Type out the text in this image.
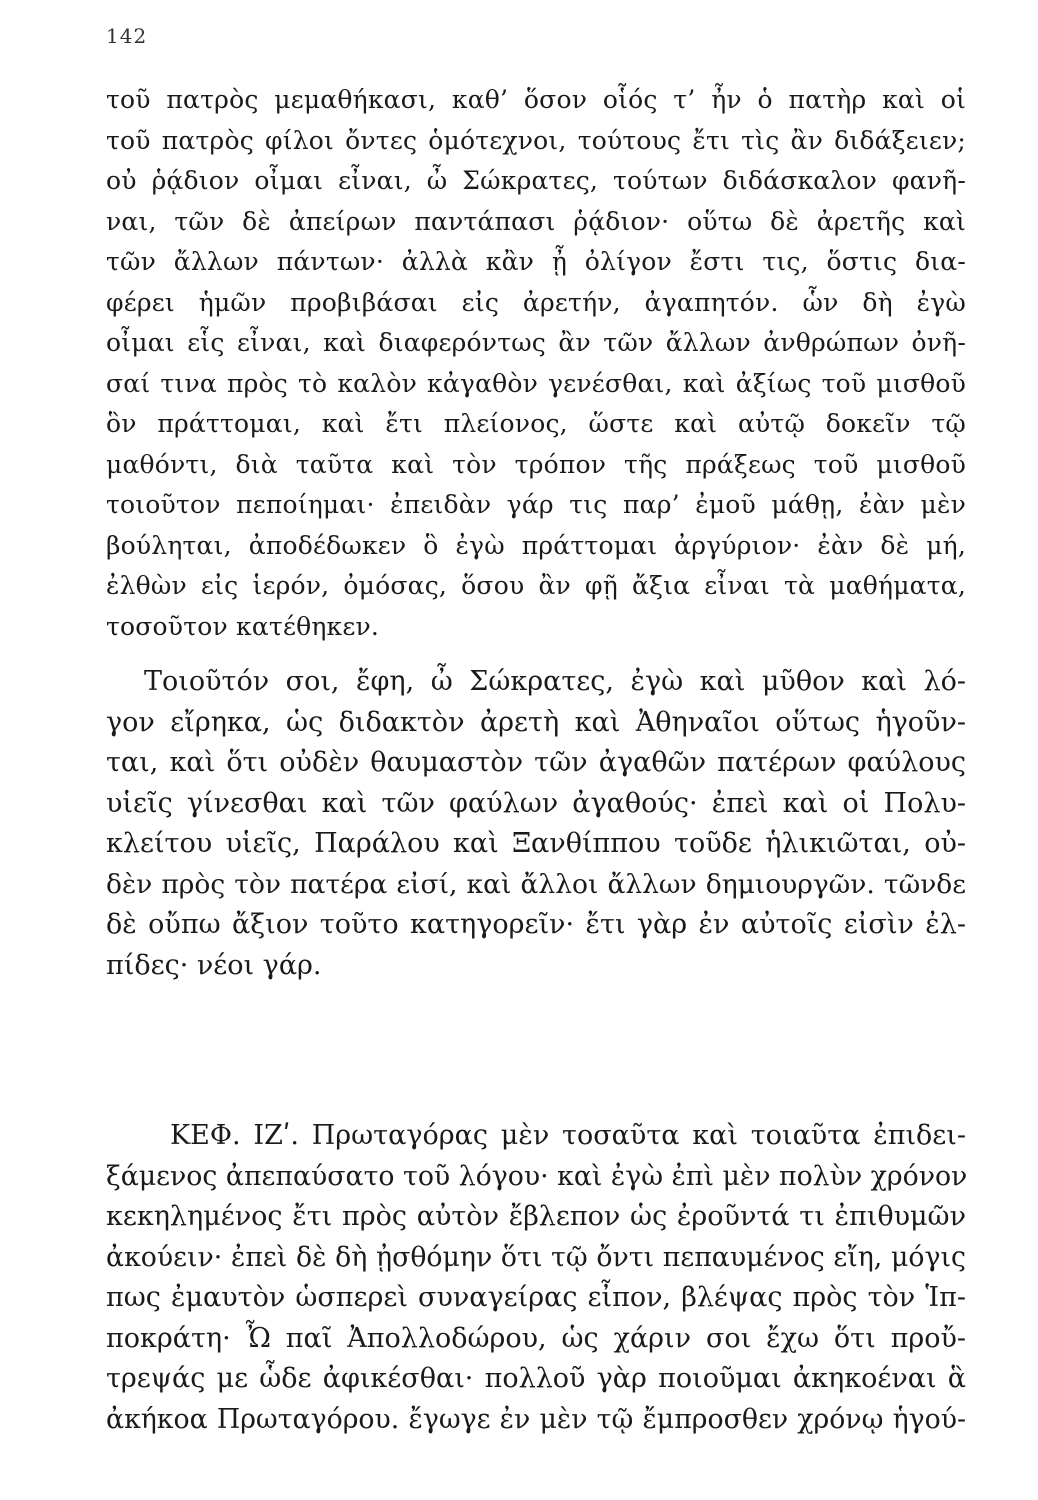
142
τοῦ πατρὸς μεμαθήκασι, καθ’ ὅσον οἷός τ’ ἦν ὁ πατὴρ καὶ οἱ
τοῦ πατρὸς φίλοι ὄντες ὁμότεχνοι, τούτους ἔτι τὶς ἂν διδάξειεν;
οὐ ῥᾴδιον οἶμαι εἶναι, ὦ Σώκρατες, τούτων διδάσκαλον φανῆ-
ναι, τῶν δὲ ἀπείρων παντάπασι ῥᾴδιον· οὕτω δὲ ἀρετῆς καὶ
τῶν ἄλλων πάντων· ἀλλὰ κἂν ᾖ ὀλίγον ἔστι τις, ὅστις δια-
φέρει ἡμῶν προβιβάσαι εἰς ἀρετήν, ἀγαπητόν. ὧν δὴ ἐγὼ
οἶμαι εἷς εἶναι, καὶ διαφερόντως ἂν τῶν ἄλλων ἀνθρώπων ὀνῆ-
σαί τινα πρὸς τὸ καλὸν κἀγαθὸν γενέσθαι, καὶ ἀξίως τοῦ μισθοῦ
ὃν πράττομαι, καὶ ἔτι πλείονος, ὥστε καὶ αὐτῷ δοκεῖν τῷ
μαθόντι, διὰ ταῦτα καὶ τὸν τρόπον τῆς πράξεως τοῦ μισθοῦ
τοιοῦτον πεποίημαι· ἐπειδὰν γάρ τις παρ’ ἐμοῦ μάθῃ, ἐὰν μὲν
βούληται, ἀποδέδωκεν ὃ ἐγὼ πράττομαι ἀργύριον· ἐὰν δὲ μή,
ἐλθὼν εἰς ἱερόν, ὀμόσας, ὅσου ἂν φῇ ἄξια εἶναι τὰ μαθήματα,
τοσοῦτον κατέθηκεν.
Τοιοῦτόν σοι, ἔφη, ὦ Σώκρατες, ἐγὼ καὶ μῦθον καὶ λό-
γον εἴρηκα, ὡς διδακτὸν ἀρετὴ καὶ Ἀθηναῖοι οὕτως ἡγοῦν-
ται, καὶ ὅτι οὐδὲν θαυμαστὸν τῶν ἀγαθῶν πατέρων φαύλους
υἱεῖς γίνεσθαι καὶ τῶν φαύλων ἀγαθούς· ἐπεὶ καὶ οἱ Πολυ-
κλείτου υἱεῖς, Παράλου καὶ Ξανθίππου τοῦδε ἡλικιῶται, οὐ-
δὲν πρὸς τὸν πατέρα εἰσί, καὶ ἄλλοι ἄλλων δημιουργῶν. τῶνδε
δὲ οὔπω ἄξιον τοῦτο κατηγορεῖν· ἔτι γὰρ ἐν αὐτοῖς εἰσὶν ἐλ-
πίδες· νέοι γάρ.
ΚΕΦ. ΙΖʹ. Πρωταγόρας μὲν τοσαῦτα καὶ τοιαῦτα ἐπιδει-
ξάμενος ἀπεπαύσατο τοῦ λόγου· καὶ ἐγὼ ἐπὶ μὲν πολὺν χρόνον
κεκηλημένος ἔτι πρὸς αὐτὸν ἔβλεπον ὡς ἐροῦντά τι ἐπιθυμῶν
ἀκούειν· ἐπεὶ δὲ δὴ ᾐσθόμην ὅτι τῷ ὄντι πεπαυμένος εἴη, μόγις
πως ἐμαυτὸν ὡσπερεὶ συναγείρας εἶπον, βλέψας πρὸς τὸν Ἱπ-
ποκράτη· Ὦ παῖ Ἀπολλοδώρου, ὡς χάριν σοι ἔχω ὅτι προὔ-
τρεψάς με ὧδε ἀφικέσθαι· πολλοῦ γὰρ ποιοῦμαι ἀκηκοέναι ἃ
ἀκήκοα Πρωταγόρου. ἔγωγε ἐν μὲν τῷ ἔμπροσθεν χρόνῳ ἡγού-
